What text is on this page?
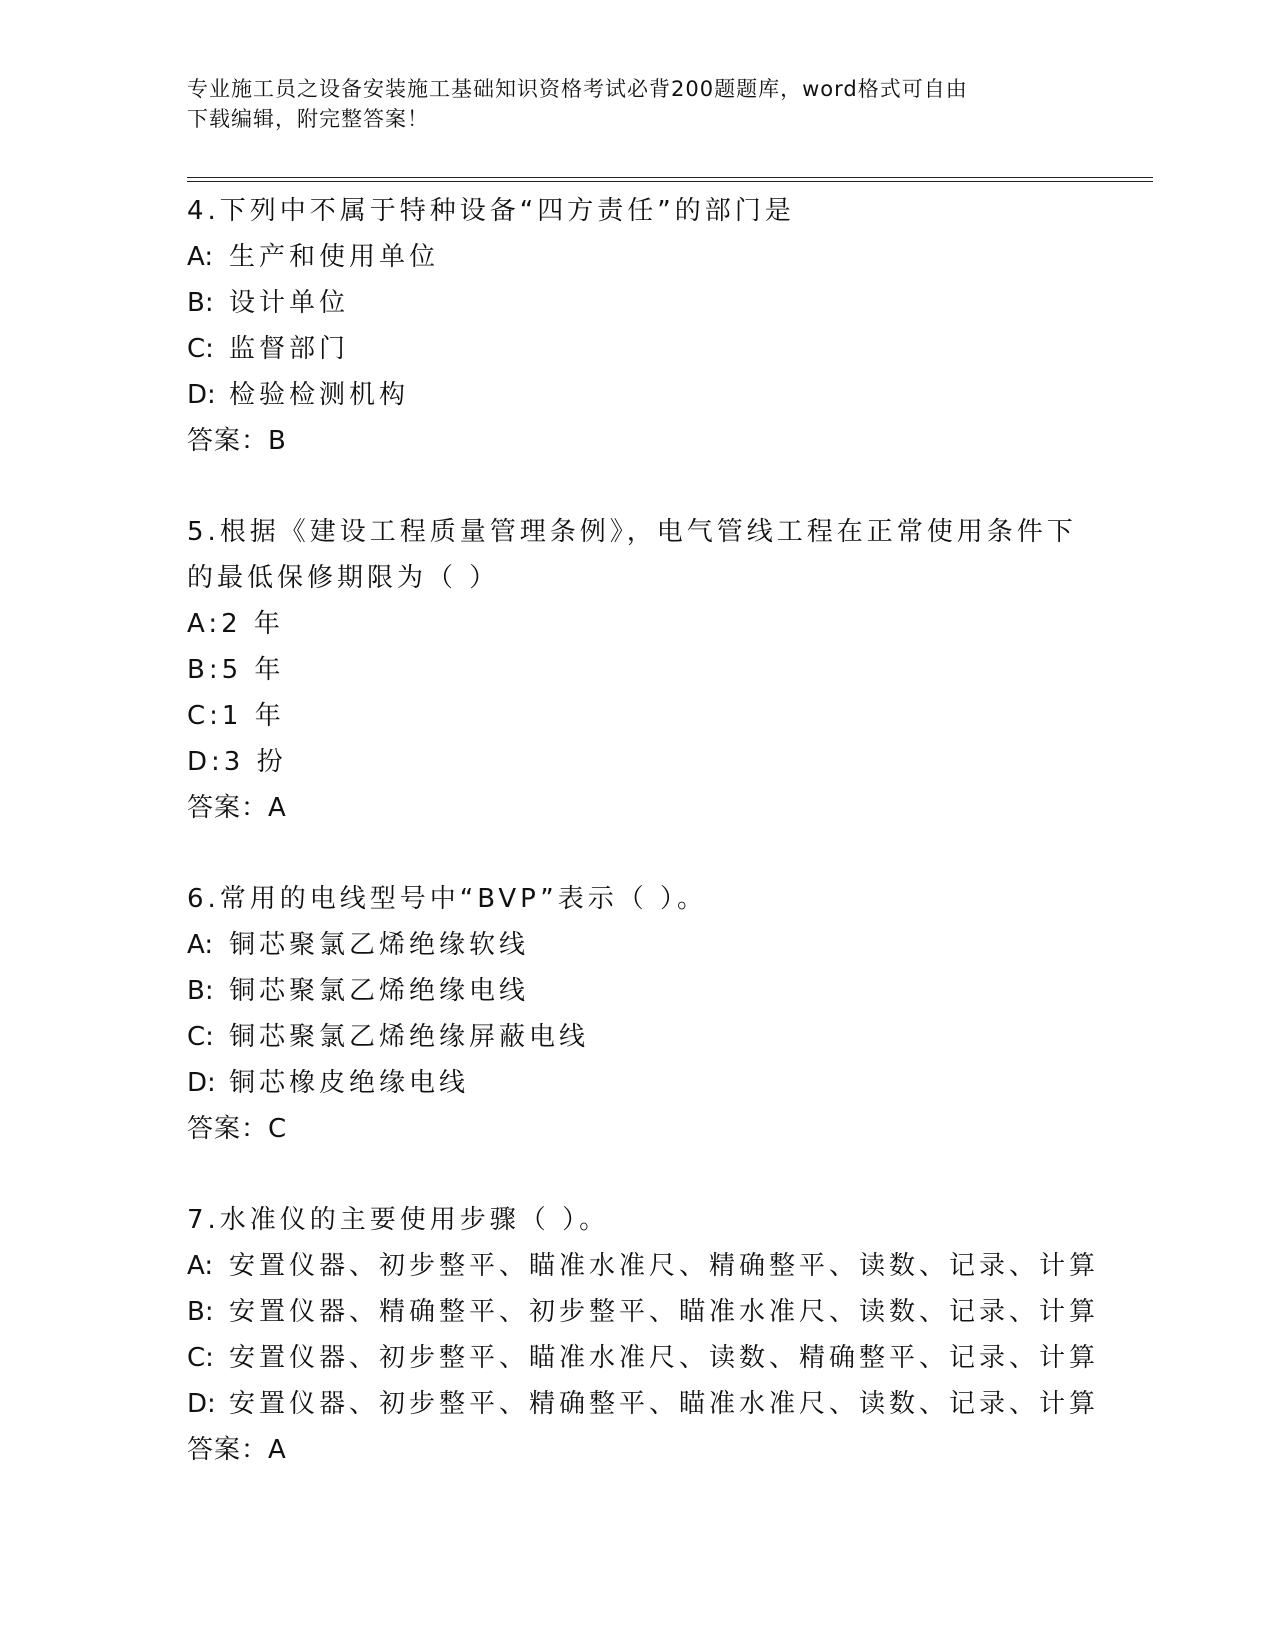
专业施工员之设备安装施工基础知识资格考试必背200题题库，word格式可自由
下载编辑，附完整答案！
4.下列中不属于特种设备“四方责任”的部门是
A: 生产和使用单位
B: 设计单位
C: 监督部门
D: 检验检测机构
答案：B
5.根据《建设工程质量管理条例》，电气管线工程在正常使用条件下
的最低保修期限为（ ）
A:2 年
B:5 年
C:1 年
D:3 扮
答案：A
6.常用的电线型号中“BVP”表示（ ）。
A: 铜芯聚氯乙烯绝缘软线
B: 铜芯聚氯乙烯绝缘电线
C: 铜芯聚氯乙烯绝缘屏蔽电线
D: 铜芯橡皮绝缘电线
答案：C
7.水准仪的主要使用步骤（ ）。
A: 安置仪器、初步整平、瞄准水准尺、精确整平、读数、记录、计算
B: 安置仪器、精确整平、初步整平、瞄准水准尺、读数、记录、计算
C: 安置仪器、初步整平、瞄准水准尺、读数、精确整平、记录、计算
D: 安置仪器、初步整平、精确整平、瞄准水准尺、读数、记录、计算
答案：A
